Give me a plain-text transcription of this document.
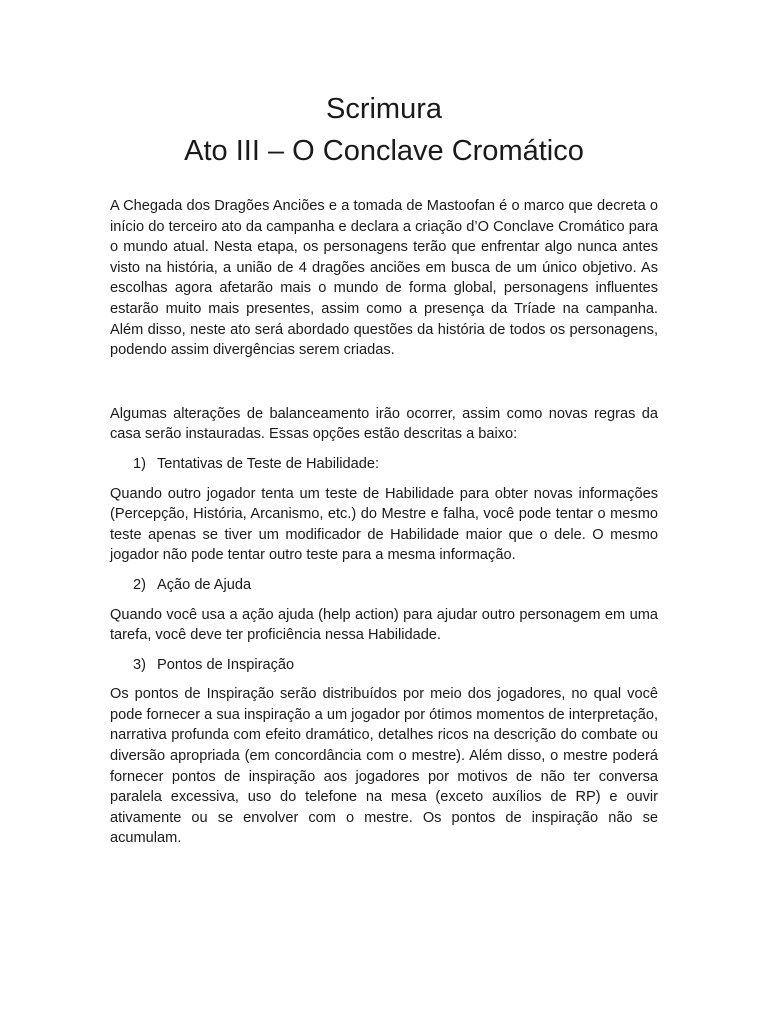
Scrimura
Ato III – O Conclave Cromático

A Chegada dos Dragões Anciões e a tomada de Mastoofan é o marco que decreta o início do terceiro ato da campanha e declara a criação d’O Conclave Cromático para o mundo atual. Nesta etapa, os personagens terão que enfrentar algo nunca antes visto na história, a união de 4 dragões anciões em busca de um único objetivo. As escolhas agora afetarão mais o mundo de forma global, personagens influentes estarão muito mais presentes, assim como a presença da Tríade na campanha. Além disso, neste ato será abordado questões da história de todos os personagens, podendo assim divergências serem criadas.

Algumas alterações de balanceamento irão ocorrer, assim como novas regras da casa serão instauradas. Essas opções estão descritas a baixo:

1) Tentativas de Teste de Habilidade:

Quando outro jogador tenta um teste de Habilidade para obter novas informações (Percepção, História, Arcanismo, etc.) do Mestre e falha, você pode tentar o mesmo teste apenas se tiver um modificador de Habilidade maior que o dele. O mesmo jogador não pode tentar outro teste para a mesma informação.

2) Ação de Ajuda

Quando você usa a ação ajuda (help action) para ajudar outro personagem em uma tarefa, você deve ter proficiência nessa Habilidade.

3) Pontos de Inspiração

Os pontos de Inspiração serão distribuídos por meio dos jogadores, no qual você pode fornecer a sua inspiração a um jogador por ótimos momentos de interpretação, narrativa profunda com efeito dramático, detalhes ricos na descrição do combate ou diversão apropriada (em concordância com o mestre). Além disso, o mestre poderá fornecer pontos de inspiração aos jogadores por motivos de não ter conversa paralela excessiva, uso do telefone na mesa (exceto auxílios de RP) e ouvir ativamente ou se envolver com o mestre. Os pontos de inspiração não se acumulam.
